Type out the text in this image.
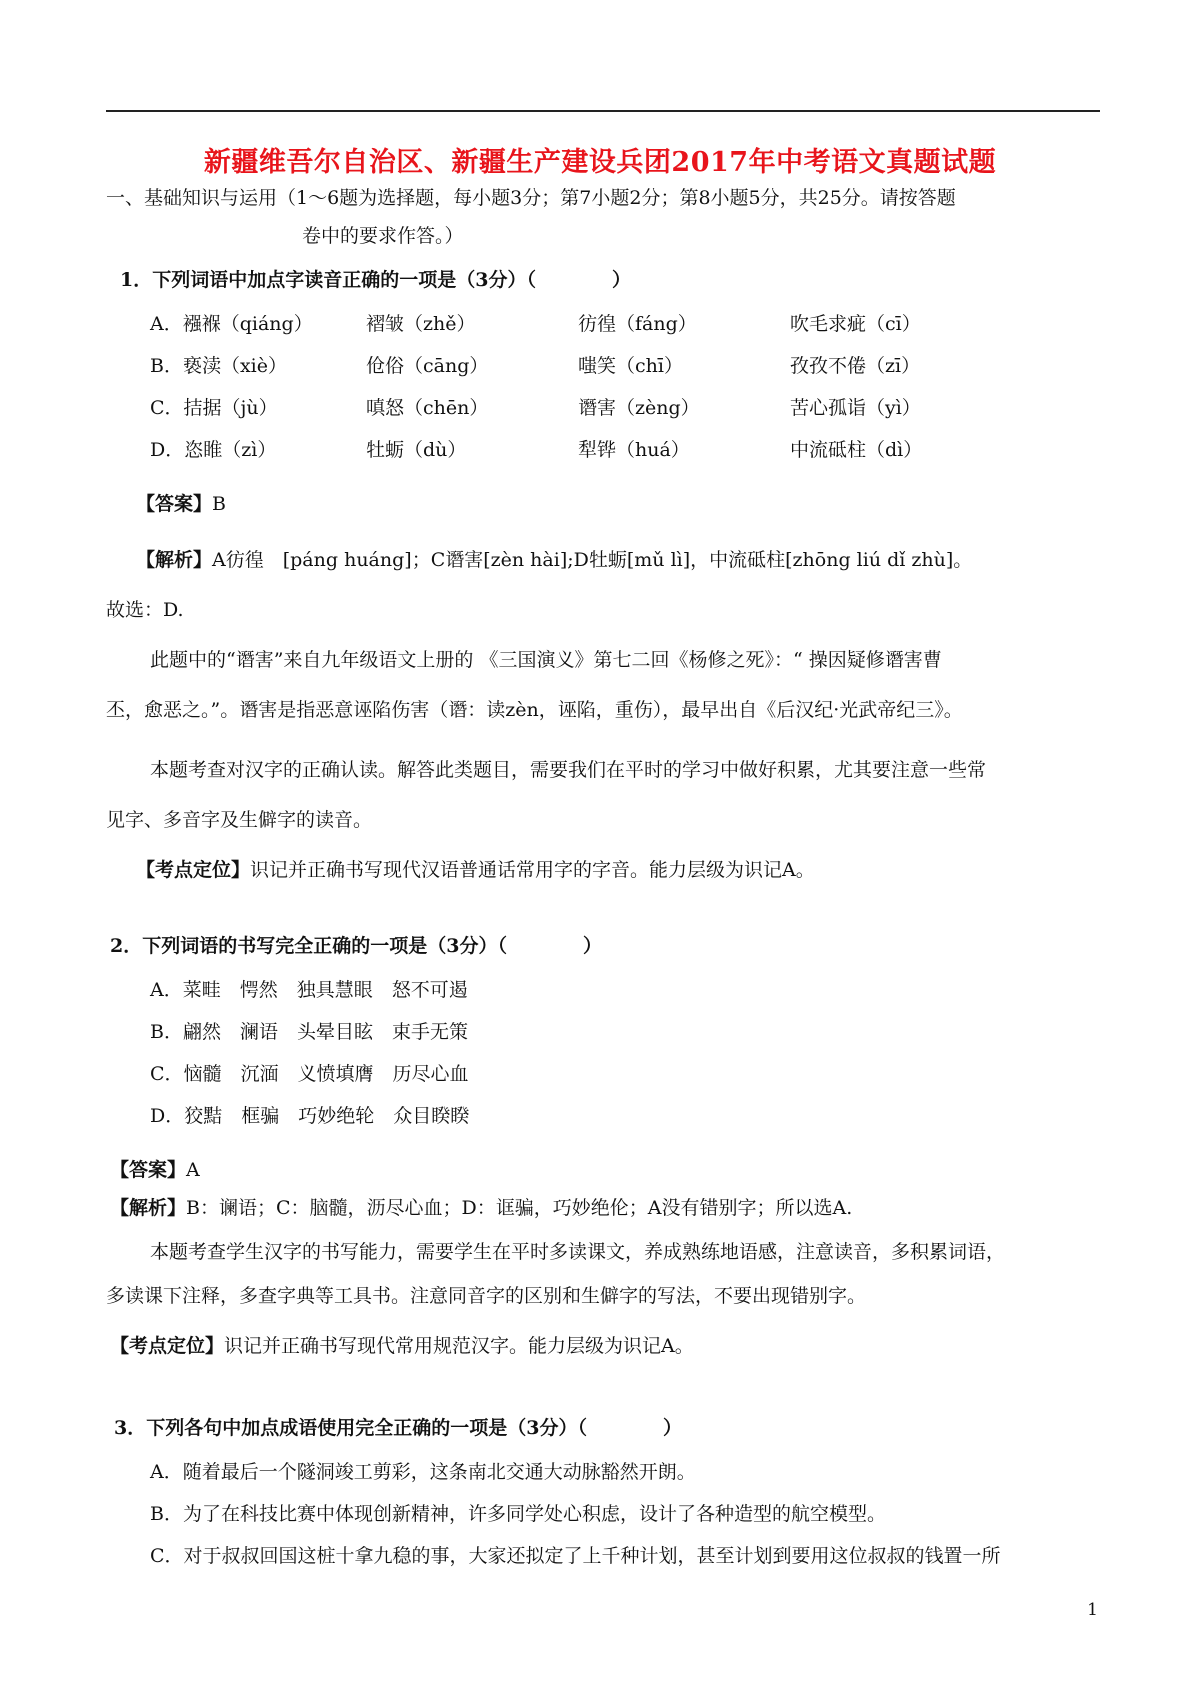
新疆维吾尔自治区、新疆生产建设兵团2017年中考语文真题试题
一、基础知识与运用（1～6题为选择题，每小题3分；第7小题2分；第8小题5分，共25分。请按答题
卷中的要求作答。）
1．下列词语中加点字读音正确的一项是（3分）（　　　　）
A．襁褓（qiáng）	褶皱（zhě）	彷徨（fáng）	吹毛求疵（cī）
B．亵渎（xiè）	伧俗（cāng）	嗤笑（chī）	孜孜不倦（zī）
C．拮据（jù）	嗔怒（chēn）	谮害（zèng）	苦心孤诣（yì）
D．恣睢（zì）	牡蛎（dù）	犁铧（huá）	中流砥柱（dì）
【答案】B
【解析】A彷徨　[páng huáng]；C谮害[zèn hài];D牡蛎[mǔ lì]，中流砥柱[zhōng liú dǐ zhù]。
故选：D.
此题中的“谮害”来自九年级语文上册的 《三国演义》第七二回《杨修之死》：“ 操因疑修谮害曹
丕，愈恶之。”。谮害是指恶意诬陷伤害（谮：读zèn，诬陷，重伤），最早出自《后汉纪·光武帝纪三》。
本题考查对汉字的正确认读。解答此类题目，需要我们在平时的学习中做好积累，尤其要注意一些常
见字、多音字及生僻字的读音。
【考点定位】识记并正确书写现代汉语普通话常用字的字音。能力层级为识记A。
2．下列词语的书写完全正确的一项是（3分）（　　　　）
A．菜畦　愕然　独具慧眼　怒不可遏
B．翩然　澜语　头晕目眩　束手无策
C．恼髓　沉湎　义愤填膺　历尽心血
D．狡黠　框骗　巧妙绝轮　众目睽睽
【答案】A
【解析】B：谰语；C：脑髓，沥尽心血；D：诓骗，巧妙绝伦；A没有错别字；所以选A.
本题考查学生汉字的书写能力，需要学生在平时多读课文，养成熟练地语感，注意读音，多积累词语，
多读课下注释，多查字典等工具书。注意同音字的区别和生僻字的写法，不要出现错别字。
【考点定位】识记并正确书写现代常用规范汉字。能力层级为识记A。
3．下列各句中加点成语使用完全正确的一项是（3分）（　　　　）
A．随着最后一个隧洞竣工剪彩，这条南北交通大动脉豁然开朗。
B．为了在科技比赛中体现创新精神，许多同学处心积虑，设计了各种造型的航空模型。
C．对于叔叔回国这桩十拿九稳的事，大家还拟定了上千种计划，甚至计划到要用这位叔叔的钱置一所
1
